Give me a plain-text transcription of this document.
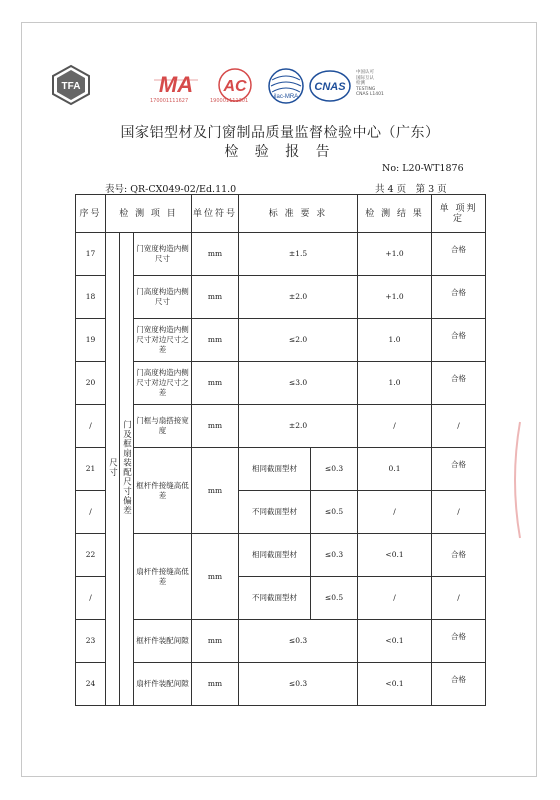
TFA	MA
170001111627
AC
190001111301
ilac-MRA
CNAS
中国认可
国际互认
检测
TESTING
CNAS L1401
国家铝型材及门窗制品质量监督检验中心（广东）
检 验 报 告
No: L20-WT1876
表号: QR-CX049-02/Ed.11.0	共 4 页　第 3 页
序号	检 测 项 目			单位符号	标 准 要 求		检 测 结 果	单 项判 定
17	尺寸	门及框扇装配尺寸偏差	门宽度构造内侧尺寸	mm	±1.5		+1.0	合格
18			门高度构造内侧尺寸	mm	±2.0		+1.0	合格
19			门宽度构造内侧尺寸对边尺寸之差	mm	≤2.0		1.0	合格
20			门高度构造内侧尺寸对边尺寸之差	mm	≤3.0		1.0	合格
/			门框与扇搭接宽度	mm	±2.0		/	/
21			框杆件接缝高低差	mm	相同截面型材	≤0.3	0.1	合格
/					不同截面型材	≤0.5	/	/
22			扇杆件接缝高低差	mm	相同截面型材	≤0.3	<0.1	合格
/					不同截面型材	≤0.5	/	/
23			框杆件装配间隙	mm	≤0.3		<0.1	合格
24			扇杆件装配间隙	mm	≤0.3		<0.1	合格
